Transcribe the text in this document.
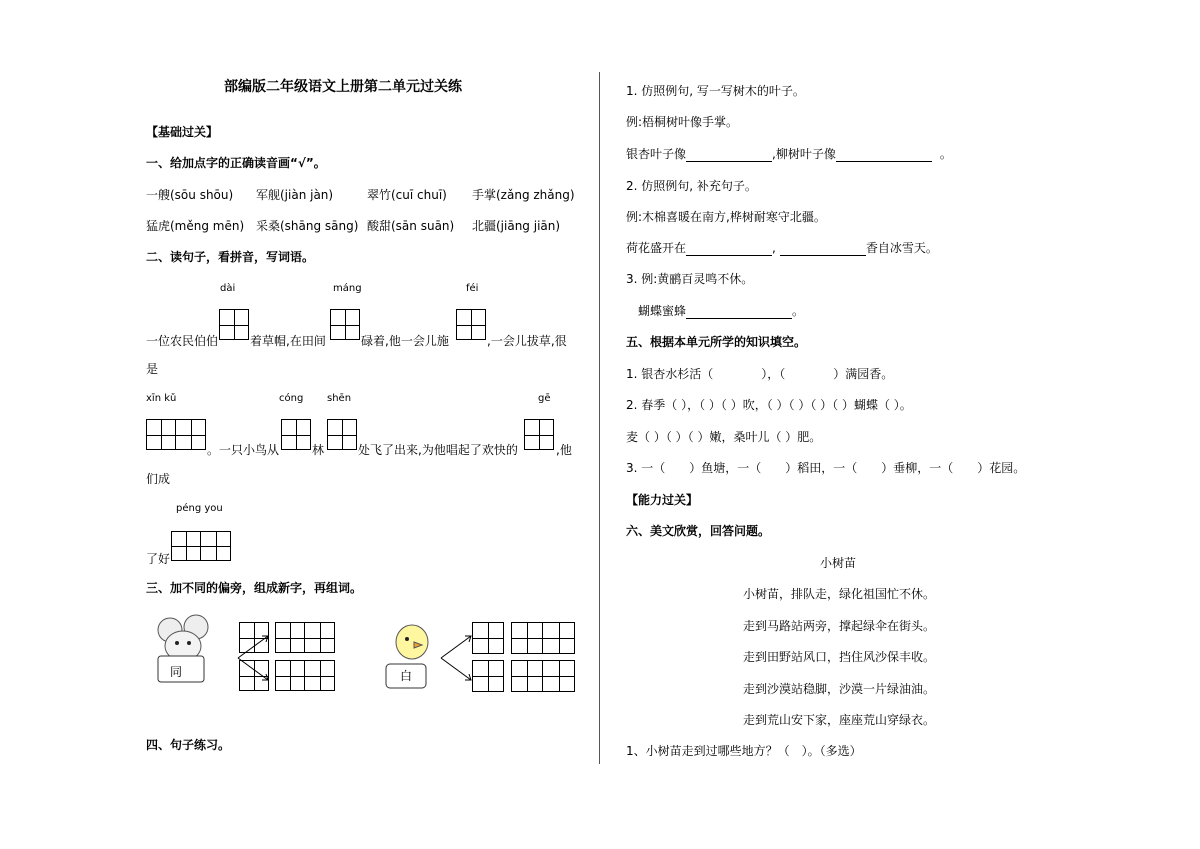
部编版二年级语文上册第二单元过关练
【基础过关】
一、给加点字的正确读音画“√”。
一艘(sōu shōu) 军舰(jiàn jàn)	翠竹(cuī chuī) 手掌(zǎng zhǎng)
猛虎(měng mēn) 采桑(shāng sāng) 酸甜(sān suān) 北疆(jiāng jiān)
二、读句子，看拼音，写词语。
dài	máng	féi
一位农民伯伯	着草帽,在田间	碌着,他一会儿施	,一会儿拔草,很
是
xīn kǔ	cóng shēn	gē
。一只小鸟从	林	处飞了出来,为他唱起了欢快的	,他
们成
péng you
了好
三、加不同的偏旁，组成新字，再组词。
同	白
四、句子练习。
1. 仿照例句, 写一写树木的叶子。
例:梧桐树叶像手掌。
银杏叶子像	,柳树叶子像	。
2. 仿照例句, 补充句子。
例:木棉喜暖在南方,桦树耐寒守北疆。
荷花盛开在	,	香自冰雪天。
3. 例:黄鹂百灵鸣不休。
蝴蝶蜜蜂	。
五、根据本单元所学的知识填空。
1. 银杏水杉活（　　　　），（　　　　）满园香。
2. 春季（ ），（ ）（ ）吹，（ ）（ ）（ ）（ ）蝴蝶（ ）。
麦（ ）（ ）（ ）嫩，桑叶儿（ ）肥。
3. 一（　　）鱼塘，一（　　）稻田，一（　　）垂柳，一（　　）花园。
【能力过关】
六、美文欣赏，回答问题。
小树苗
小树苗，排队走，绿化祖国忙不休。
走到马路站两旁，撑起绿伞在街头。
走到田野站风口，挡住风沙保丰收。
走到沙漠站稳脚，沙漠一片绿油油。
走到荒山安下家，座座荒山穿绿衣。
1、小树苗走到过哪些地方？（　）。（多选）
